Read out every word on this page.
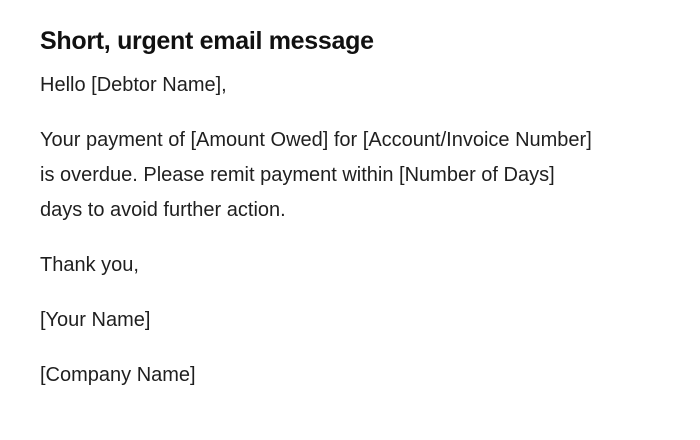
Short, urgent email message

Hello [Debtor Name],

Your payment of [Amount Owed] for [Account/Invoice Number]
is overdue. Please remit payment within [Number of Days]
days to avoid further action.

Thank you,

[Your Name]

[Company Name]
